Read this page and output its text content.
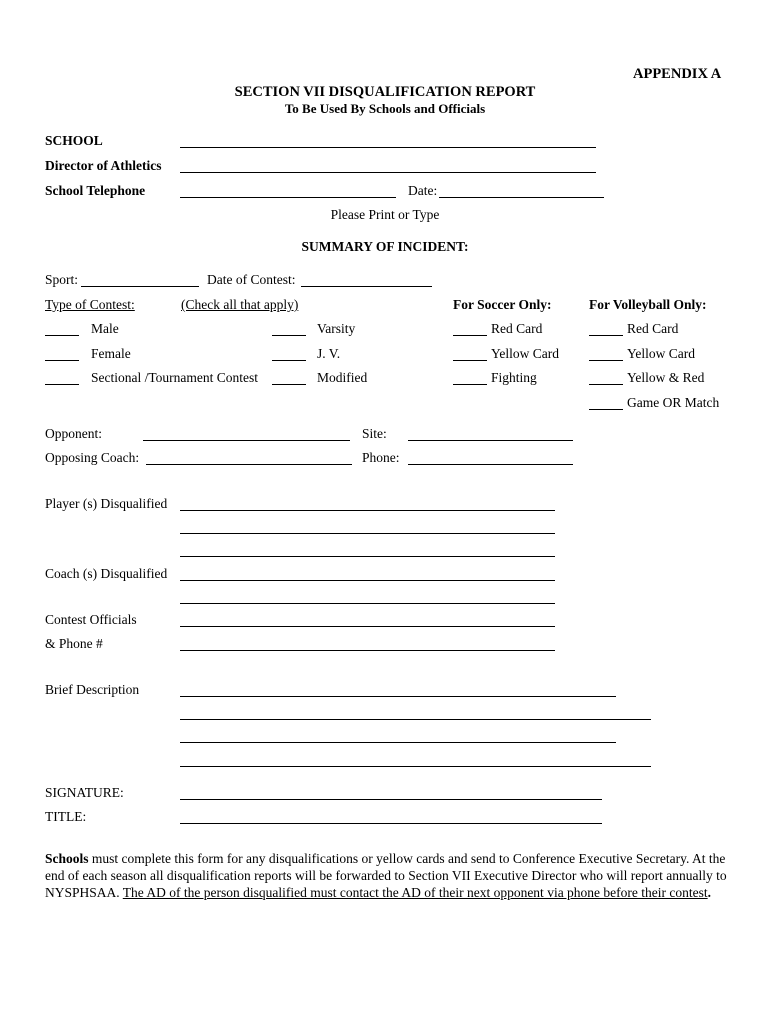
APPENDIX A
SECTION VII DISQUALIFICATION REPORT
To Be Used By Schools and Officials
SCHOOL
Director of Athletics
School Telephone	Date:
Please Print or Type
SUMMARY OF INCIDENT:
Sport:	Date of Contest:
Type of Contest:	(Check all that apply)	For Soccer Only:	For Volleyball Only:
Male	Varsity	Red Card	Red Card
Female	J. V.	Yellow Card	Yellow Card
Sectional /Tournament Contest	Modified	Fighting	Yellow & Red
Game OR Match
Opponent:	Site:
Opposing Coach:	Phone:
Player (s) Disqualified
Coach (s) Disqualified
Contest Officials
& Phone #
Brief Description
SIGNATURE:
TITLE:
Schools must complete this form for any disqualifications or yellow cards and send to Conference Executive Secretary. At the end of each season all disqualification reports will be forwarded to Section VII Executive Director who will report annually to NYSPHSAA. The AD of the person disqualified must contact the AD of their next opponent via phone before their contest.
